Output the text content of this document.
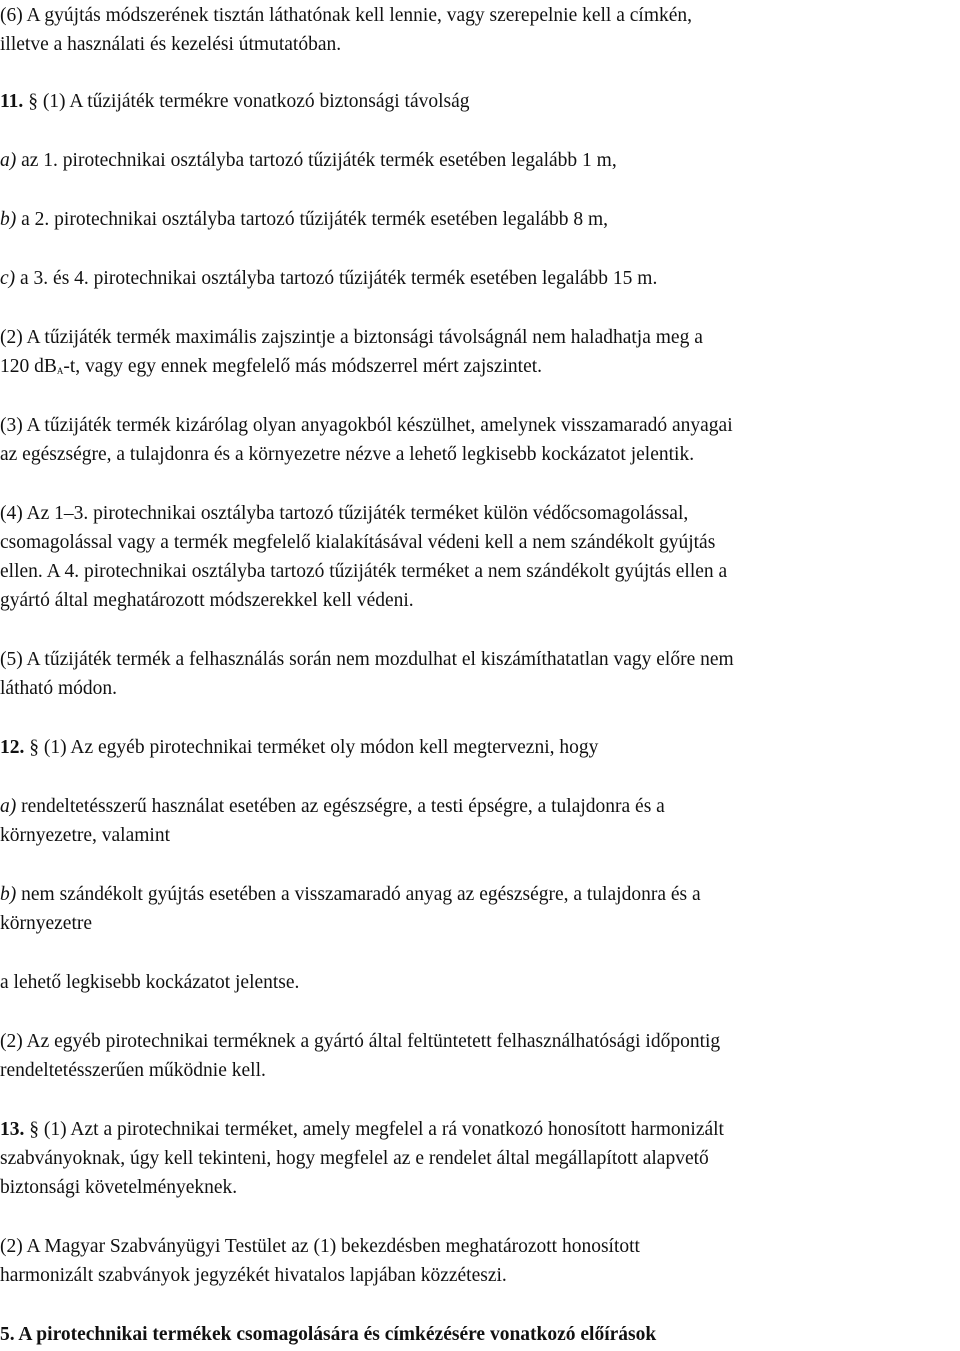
(6) A gyújtás módszerének tisztán láthatónak kell lennie, vagy szerepelnie kell a címkén,
illetve a használati és kezelési útmutatóban.
11. § (1) A tűzijáték termékre vonatkozó biztonsági távolság
a) az 1. pirotechnikai osztályba tartozó tűzijáték termék esetében legalább 1 m,
b) a 2. pirotechnikai osztályba tartozó tűzijáték termék esetében legalább 8 m,
c) a 3. és 4. pirotechnikai osztályba tartozó tűzijáték termék esetében legalább 15 m.
(2) A tűzijáték termék maximális zajszintje a biztonsági távolságnál nem haladhatja meg a
120 $dB_A-t$, vagy egy ennek megfelelő más módszerrel mért zajszintet.
(3) A tűzijáték termék kizárólag olyan anyagokból készülhet, amelynek visszamaradó anyagai
az egészségre, a tulajdonra és a környezetre nézve a lehető legkisebb kockázatot jelentik.
(4) Az 1–3. pirotechnikai osztályba tartozó tűzijáték terméket külön védőcsomagolással,
csomagolással vagy a termék megfelelő kialakításával védeni kell a nem szándékolt gyújtás
ellen. A 4. pirotechnikai osztályba tartozó tűzijáték terméket a nem szándékolt gyújtás ellen a
gyártó által meghatározott módszerekkel kell védeni.
(5) A tűzijáték termék a felhasználás során nem mozdulhat el kiszámíthatatlan vagy előre nem
látható módon.
12. § (1) Az egyéb pirotechnikai terméket oly módon kell megtervezni, hogy
a) rendeltetésszerű használat esetében az egészségre, a testi épségre, a tulajdonra és a
környezetre, valamint
b) nem szándékolt gyújtás esetében a visszamaradó anyag az egészségre, a tulajdonra és a
környezetre
a lehető legkisebb kockázatot jelentse.
(2) Az egyéb pirotechnikai terméknek a gyártó által feltüntetett felhasználhatósági időpontig
rendeltetésszerűen működnie kell.
13. § (1) Azt a pirotechnikai terméket, amely megfelel a rá vonatkozó honosított harmonizált
szabványoknak, úgy kell tekinteni, hogy megfelel az e rendelet által megállapított alapvető
biztonsági követelményeknek.
(2) A Magyar Szabványügyi Testület az (1) bekezdésben meghatározott honosított
harmonizált szabványok jegyzékét hivatalos lapjában közzéteszi.
5. A pirotechnikai termékek csomagolására és címkézésére vonatkozó előírások
